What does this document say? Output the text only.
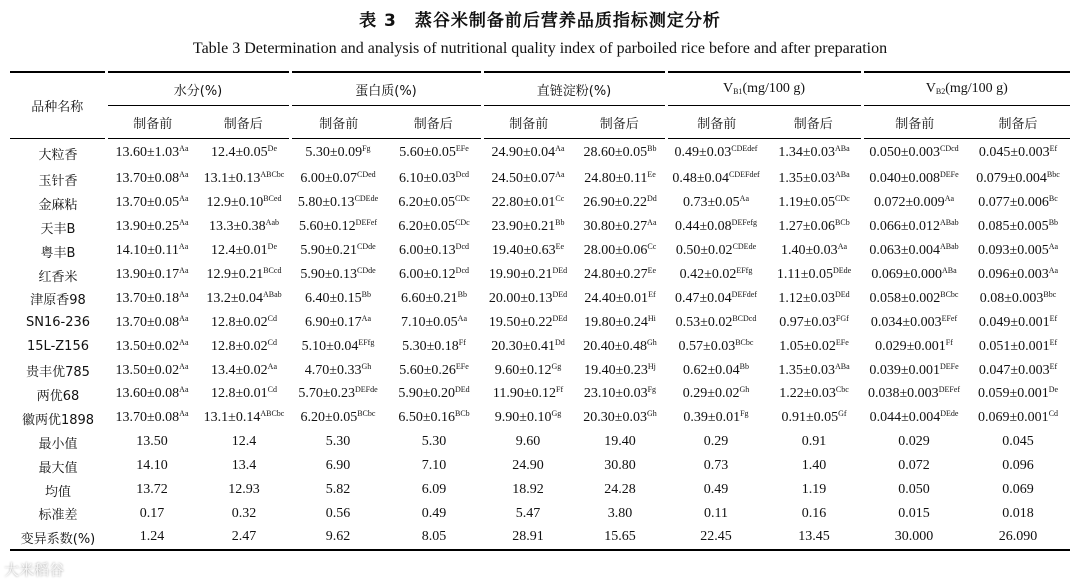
表 3　蒸谷米制备前后营养品质指标测定分析
Table 3 Determination and analysis of nutritional quality index of parboiled rice before and after preparation
品种名称	水分(%)		蛋白质(%)		直链淀粉(%)		$V_{B1}(mg/100$ g)		$V_{B2}(mg/100$ g)	
	制备前	制备后	制备前	制备后	制备前	制备后	制备前	制备后	制备前	制备后
大粒香	$13.60\pm 1.03^{Aa}$	12.4±0.05De	$5.30\pm 0.09^{Fg}$	$5.60\pm 0.05^{EFe}$	$24.90\pm 0.04^{Aa}$	$28.60\pm 0.05^{Bb}$	$0.49\pm 0.03^{CDEdef}$	$1.34\pm 0.03^{ABa}$	$0.050\pm 0.003^{CDcd}$	$0.045\pm 0.003^{Ef}$
玉针香	$13.70\pm 0.08^{Aa}$	$13.1\pm 0.13^{ABCbc}$	$6.00\pm 0.07^{CDed}$	$6.10\pm 0.03^{Dcd}$	$24.50\pm 0.07^{Aa}$	$24.80\pm 0.11^{Ee}$	$0.48\pm 0.04^{CDEFdef}$	$1.35\pm 0.03^{ABa}$	$0.040\pm 0.008^{DEFe}$	$0.079\pm 0.004^{Bbc}$
金麻粘	$13.70\pm 0.05^{Aa}$	$12.9\pm 0.10^{BCed}$	$5.80\pm 0.13^{CDEde}$	$6.20\pm 0.05^{CDc}$	$22.80\pm 0.01^{Cc}$	$26.90\pm 0.22^{Dd}$	$0.73\pm 0.05^{Aa}$	$1.19\pm 0.05^{CDc}$	$0.072\pm 0.009^{Aa}$	$0.077\pm 0.006^{Bc}$
天丰B	$13.90\pm 0.25^{Aa}$	$13.3\pm 0.38^{Aab}$	$5.60\pm 0.12^{DEFef}$	$6.20\pm 0.05^{CDc}$	$23.90\pm 0.21^{Bb}$	$30.80\pm 0.27^{Aa}$	$0.44\pm 0.08^{DEFefg}$	$1.27\pm 0.06^{BCb}$	$0.066\pm 0.012^{ABab}$	$0.085\pm 0.005^{Bb}$
粤丰B	$14.10\pm 0.11^{Aa}$	12.4±0.01De	$5.90\pm 0.21^{CDde}$	$6.00\pm 0.13^{Dcd}$	$19.40\pm 0.63^{Ee}$	$28.00\pm 0.06^{Cc}$	$0.50\pm 0.02^{CDEde}$	$1.40\pm 0.03^{Aa}$	$0.063\pm 0.004^{ABab}$	$0.093\pm 0.005^{Aa}$
红香米	$13.90\pm 0.17^{Aa}$	$12.9\pm 0.21^{BCcd}$	$5.90\pm 0.13^{CDde}$	$6.00\pm 0.12^{Dcd}$	$19.90\pm 0.21^{DEd}$	$24.80\pm 0.27^{Ee}$	$0.42\pm 0.02^{EFfg}$	$1.11\pm 0.05^{DEde}$	$0.069\pm 0.000^{ABa}$	$0.096\pm 0.003^{Aa}$
津原香98	$13.70\pm 0.18^{Aa}$	$13.2\pm 0.04^{ABab}$	$6.40\pm 0.15^{Bb}$	$6.60\pm 0.21^{Bb}$	$20.00\pm 0.13^{DEd}$	$24.40\pm 0.01^{Ef}$	$0.47\pm 0.04^{DEFdef}$	$1.12\pm 0.03^{DEd}$	$0.058\pm 0.002^{BCbc}$	$0.08\pm 0.003^{Bbc}$
SN16-236	$13.70\pm 0.08^{Aa}$	$12.8\pm 0.02^{Cd}$	$6.90\pm 0.17^{Aa}$	$7.10\pm 0.05^{Aa}$	$19.50\pm 0.22^{DEd}$	$19.80\pm 0.24^{Hi}$	$0.53\pm 0.02^{BCDcd}$	$0.97\pm 0.03^{FGf}$	$0.034\pm 0.003^{EFef}$	$0.049\pm 0.001^{Ef}$
15L-Z156	$13.50\pm 0.02^{Aa}$	$12.8\pm 0.02^{Cd}$	$5.10\pm 0.04^{EFfg}$	$5.30\pm 0.18^{Ff}$	$20.30\pm 0.41^{Dd}$	$20.40\pm 0.48^{Gh}$	$0.57\pm 0.03^{BCbc}$	$1.05\pm 0.02^{EFe}$	$0.029\pm 0.001^{Ff}$	$0.051\pm 0.001^{Ef}$
贵丰优785	$13.50\pm 0.02^{Aa}$	$13.4\pm 0.02^{Aa}$	$4.70\pm 0.33^{Gh}$	$5.60\pm 0.26^{EFe}$	$9.60\pm 0.12^{Gg}$	$19.40\pm 0.23^{Hj}$	$0.62\pm 0.04^{Bb}$	$1.35\pm 0.03^{ABa}$	$0.039\pm 0.001^{DEFe}$	$0.047\pm 0.003^{Ef}$
两优68	$13.60\pm 0.08^{Aa}$	$12.8\pm 0.01^{Cd}$	$5.70\pm 0.23^{DEFde}$	$5.90\pm 0.20^{DEd}$	$11.90\pm 0.12^{Ff}$	$23.10\pm 0.03^{Fg}$	$0.29\pm 0.02^{Gh}$	$1.22\pm 0.03^{Cbc}$	$0.038\pm 0.003^{DEFef}$	0.059±0.001De
徽两优1898	$13.70\pm 0.08^{Aa}$	$13.1\pm 0.14^{ABCbc}$	$6.20\pm 0.05^{BCbc}$	$6.50\pm 0.16^{BCb}$	$9.90\pm 0.10^{Gg}$	$20.30\pm 0.03^{Gh}$	$0.39\pm 0.01^{Fg}$	$0.91\pm 0.05^{Gf}$	$0.044\pm 0.004^{DEde}$	$0.069\pm 0.001^{Cd}$
最小值	13.50	12.4	5.30	5.30	9.60	19.40	0.29	0.91	0.029	0.045
最大值	14.10	13.4	6.90	7.10	24.90	30.80	0.73	1.40	0.072	0.096
均值	13.72	12.93	5.82	6.09	18.92	24.28	0.49	1.19	0.050	0.069
标准差	0.17	0.32	0.56	0.49	5.47	3.80	0.11	0.16	0.015	0.018
变异系数(%)	1.24	2.47	9.62	8.05	28.91	15.65	22.45	13.45	30.000	26.090
大米稻谷
